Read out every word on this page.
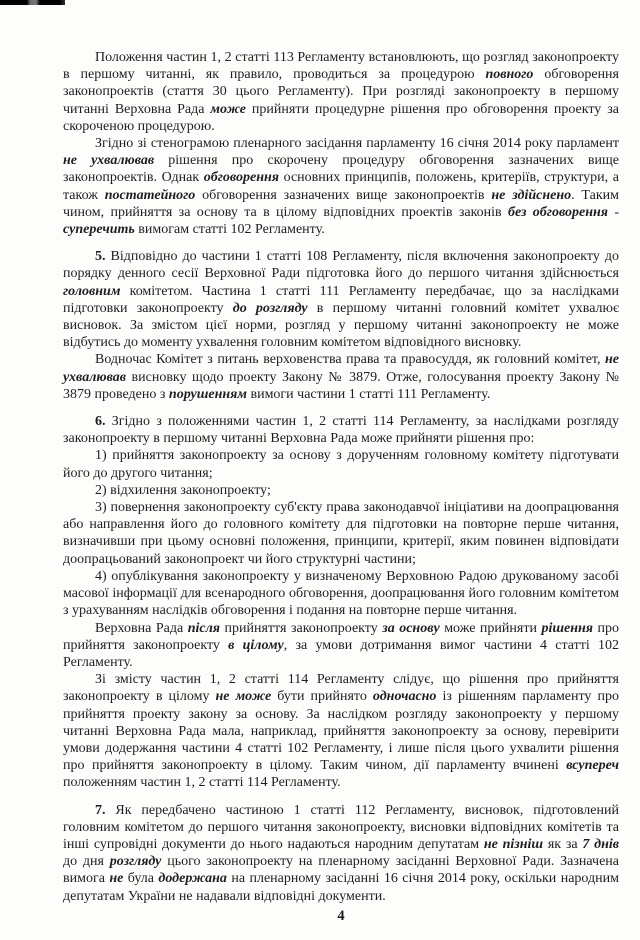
Положення частин 1, 2 статті 113 Регламенту встановлюють, що розгляд законопроекту в першому читанні, як правило, проводиться за процедурою повного обговорення законопроектів (стаття 30 цього Регламенту). При розгляді законопроекту в першому читанні Верховна Рада може прийняти процедурне рішення про обговорення проекту за скороченою процедурою.

Згідно зі стенограмою пленарного засідання парламенту 16 січня 2014 року парламент не ухвалював рішення про скорочену процедуру обговорення зазначених вище законопроектів. Однак обговорення основних принципів, положень, критеріїв, структури, а також постатейного обговорення зазначених вище законопроектів не здійснено. Таким чином, прийняття за основу та в цілому відповідних проектів законів без обговорення - суперечить вимогам статті 102 Регламенту.

5. Відповідно до частини 1 статті 108 Регламенту, після включення законопроекту до порядку денного сесії Верховної Ради підготовка його до першого читання здійснюється головним комітетом. Частина 1 статті 111 Регламенту передбачає, що за наслідками підготовки законопроекту до розгляду в першому читанні головний комітет ухвалює висновок. За змістом цієї норми, розгляд у першому читанні законопроекту не може відбутись до моменту ухвалення головним комітетом відповідного висновку.

Водночас Комітет з питань верховенства права та правосуддя, як головний комітет, не ухвалював висновку щодо проекту Закону № 3879. Отже, голосування проекту Закону № 3879 проведено з порушенням вимоги частини 1 статті 111 Регламенту.

6. Згідно з положеннями частин 1, 2 статті 114 Регламенту, за наслідками розгляду законопроекту в першому читанні Верховна Рада може прийняти рішення про:

1) прийняття законопроекту за основу з дорученням головному комітету підготувати його до другого читання;

2) відхилення законопроекту;

3) повернення законопроекту суб'єкту права законодавчої ініціативи на доопрацювання або направлення його до головного комітету для підготовки на повторне перше читання, визначивши при цьому основні положення, принципи, критерії, яким повинен відповідати доопрацьований законопроект чи його структурні частини;

4) опублікування законопроекту у визначеному Верховною Радою друкованому засобі масової інформації для всенародного обговорення, доопрацювання його головним комітетом з урахуванням наслідків обговорення і подання на повторне перше читання.

Верховна Рада після прийняття законопроекту за основу може прийняти рішення про прийняття законопроекту в цілому, за умови дотримання вимог частини 4 статті 102 Регламенту.

Зі змісту частин 1, 2 статті 114 Регламенту слідує, що рішення про прийняття законопроекту в цілому не може бути прийнято одночасно із рішенням парламенту про прийняття проекту закону за основу. За наслідком розгляду законопроекту у першому читанні Верховна Рада мала, наприклад, прийняття законопроекту за основу, перевірити умови додержання частини 4 статті 102 Регламенту, і лише після цього ухвалити рішення про прийняття законопроекту в цілому. Таким чином, дії парламенту вчинені всупереч положенням частин 1, 2 статті 114 Регламенту.

7. Як передбачено частиною 1 статті 112 Регламенту, висновок, підготовлений головним комітетом до першого читання законопроекту, висновки відповідних комітетів та інші супровідні документи до нього надаються народним депутатам не пізніш як за 7 днів до дня розгляду цього законопроекту на пленарному засіданні Верховної Ради. Зазначена вимога не була додержана на пленарному засіданні 16 січня 2014 року, оскільки народним депутатам України не надавали відповідні документи.

4
